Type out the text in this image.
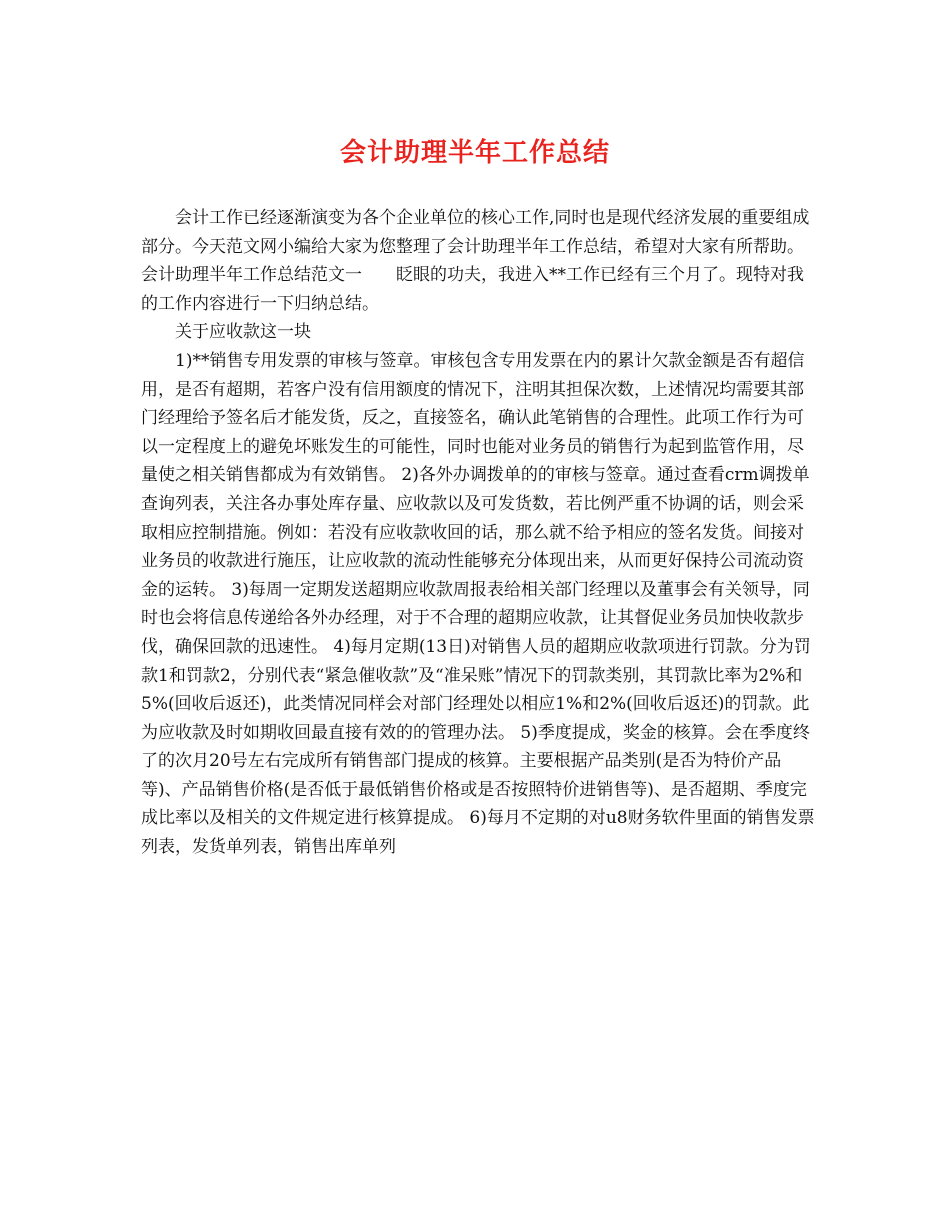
会计助理半年工作总结

会计工作已经逐渐演变为各个企业单位的核心工作,同时也是现代经济发展的重要组成部分。今天范文网小编给大家为您整理了会计助理半年工作总结，希望对大家有所帮助。

会计助理半年工作总结范文一　　眨眼的功夫，我进入**工作已经有三个月了。现特对我的工作内容进行一下归纳总结。

关于应收款这一块

1)**销售专用发票的审核与签章。审核包含专用发票在内的累计欠款金额是否有超信用，是否有超期，若客户没有信用额度的情况下，注明其担保次数，上述情况均需要其部门经理给予签名后才能发货，反之，直接签名，确认此笔销售的合理性。此项工作行为可以一定程度上的避免坏账发生的可能性，同时也能对业务员的销售行为起到监管作用，尽量使之相关销售都成为有效销售。 2)各外办调拨单的的审核与签章。通过查看crm调拨单查询列表，关注各办事处库存量、应收款以及可发货数，若比例严重不协调的话，则会采取相应控制措施。例如：若没有应收款收回的话，那么就不给予相应的签名发货。间接对业务员的收款进行施压，让应收款的流动性能够充分体现出来，从而更好保持公司流动资金的运转。 3)每周一定期发送超期应收款周报表给相关部门经理以及董事会有关领导，同时也会将信息传递给各外办经理，对于不合理的超期应收款，让其督促业务员加快收款步伐，确保回款的迅速性。 4)每月定期(13日)对销售人员的超期应收款项进行罚款。分为罚款1和罚款2，分别代表“紧急催收款”及“准呆账”情况下的罚款类别，其罚款比率为2%和5%(回收后返还)，此类情况同样会对部门经理处以相应1%和2%(回收后返还)的罚款。此为应收款及时如期收回最直接有效的的管理办法。 5)季度提成，奖金的核算。会在季度终了的次月20号左右完成所有销售部门提成的核算。主要根据产品类别(是否为特价产品等)、产品销售价格(是否低于最低销售价格或是否按照特价进销售等)、是否超期、季度完成比率以及相关的文件规定进行核算提成。 6)每月不定期的对u8财务软件里面的销售发票列表，发货单列表，销售出库单列
